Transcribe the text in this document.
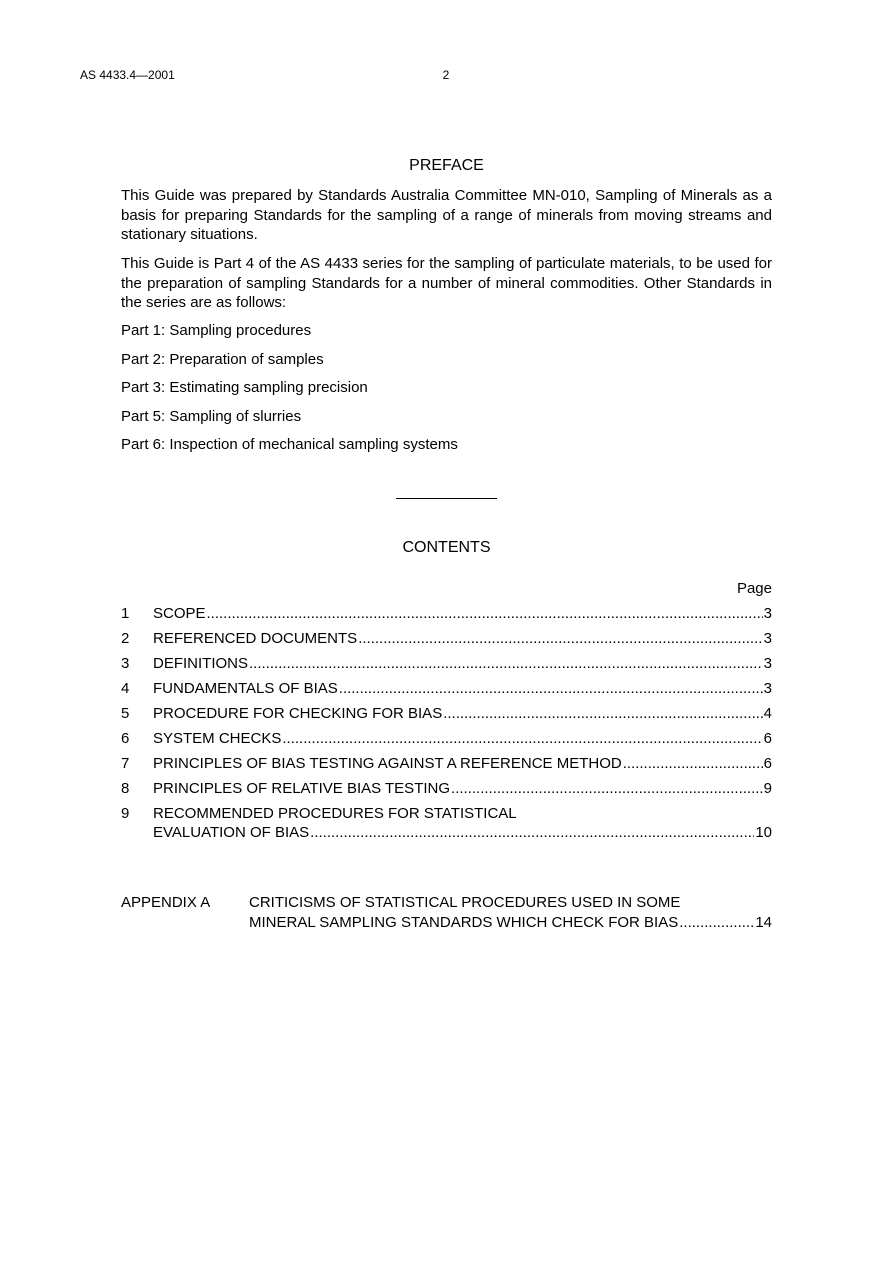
AS 4433.4—2001	2
PREFACE

This Guide was prepared by Standards Australia Committee MN-010, Sampling of Minerals as a basis for preparing Standards for the sampling of a range of minerals from moving streams and stationary situations.

This Guide is Part 4 of the AS 4433 series for the sampling of particulate materials, to be used for the preparation of sampling Standards for a number of mineral commodities. Other Standards in the series are as follows:

Part 1: Sampling procedures
Part 2: Preparation of samples
Part 3: Estimating sampling precision
Part 5: Sampling of slurries
Part 6: Inspection of mechanical sampling systems
CONTENTS
Page
1 SCOPE .....	3
2 REFERENCED DOCUMENTS .....	3
3 DEFINITIONS .....	3
4 FUNDAMENTALS OF BIAS .....	3
5 PROCEDURE FOR CHECKING FOR BIAS .....	4
6 SYSTEM CHECKS .....	6
7 PRINCIPLES OF BIAS TESTING AGAINST A REFERENCE METHOD .....	6
8 PRINCIPLES OF RELATIVE BIAS TESTING .....	9
9 RECOMMENDED PROCEDURES FOR STATISTICAL
EVALUATION OF BIAS .....	10
APPENDIX A	CRITICISMS OF STATISTICAL PROCEDURES USED IN SOME
MINERAL SAMPLING STANDARDS WHICH CHECK FOR BIAS .....	14
